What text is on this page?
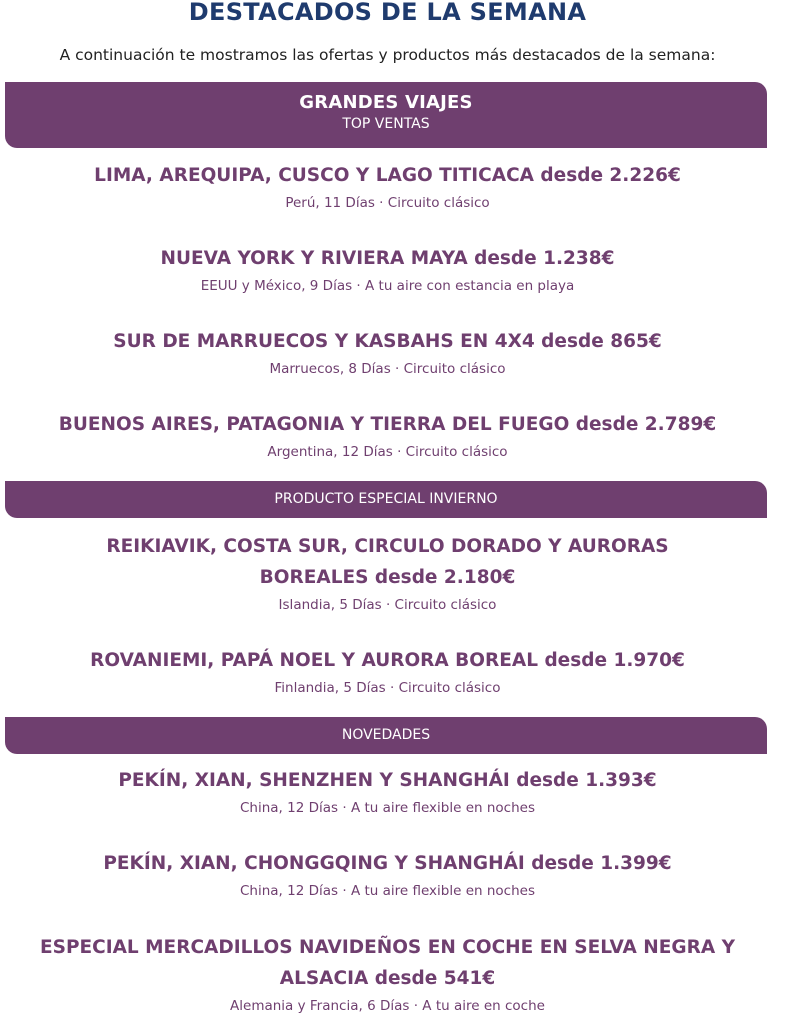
DESTACADOS DE LA SEMANA
A continuación te mostramos las ofertas y productos más destacados de la semana:
GRANDES VIAJES
TOP VENTAS
LIMA, AREQUIPA, CUSCO Y LAGO TITICACA desde 2.226€
Perú, 11 Días · Circuito clásico
NUEVA YORK Y RIVIERA MAYA desde 1.238€
EEUU y México, 9 Días · A tu aire con estancia en playa
SUR DE MARRUECOS Y KASBAHS EN 4X4 desde 865€
Marruecos, 8 Días · Circuito clásico
BUENOS AIRES, PATAGONIA Y TIERRA DEL FUEGO desde 2.789€
Argentina, 12 Días · Circuito clásico
PRODUCTO ESPECIAL INVIERNO
REIKIAVIK, COSTA SUR, CIRCULO DORADO Y AURORAS BOREALES desde 2.180€
Islandia, 5 Días · Circuito clásico
ROVANIEMI, PAPÁ NOEL Y AURORA BOREAL desde 1.970€
Finlandia, 5 Días · Circuito clásico
NOVEDADES
PEKÍN, XIAN, SHENZHEN Y SHANGHÁI desde 1.393€
China, 12 Días · A tu aire flexible en noches
PEKÍN, XIAN, CHONGGQING Y SHANGHÁI desde 1.399€
China, 12 Días · A tu aire flexible en noches
ESPECIAL MERCADILLOS NAVIDEÑOS EN COCHE EN SELVA NEGRA Y ALSACIA desde 541€
Alemania y Francia, 6 Días · A tu aire en coche
